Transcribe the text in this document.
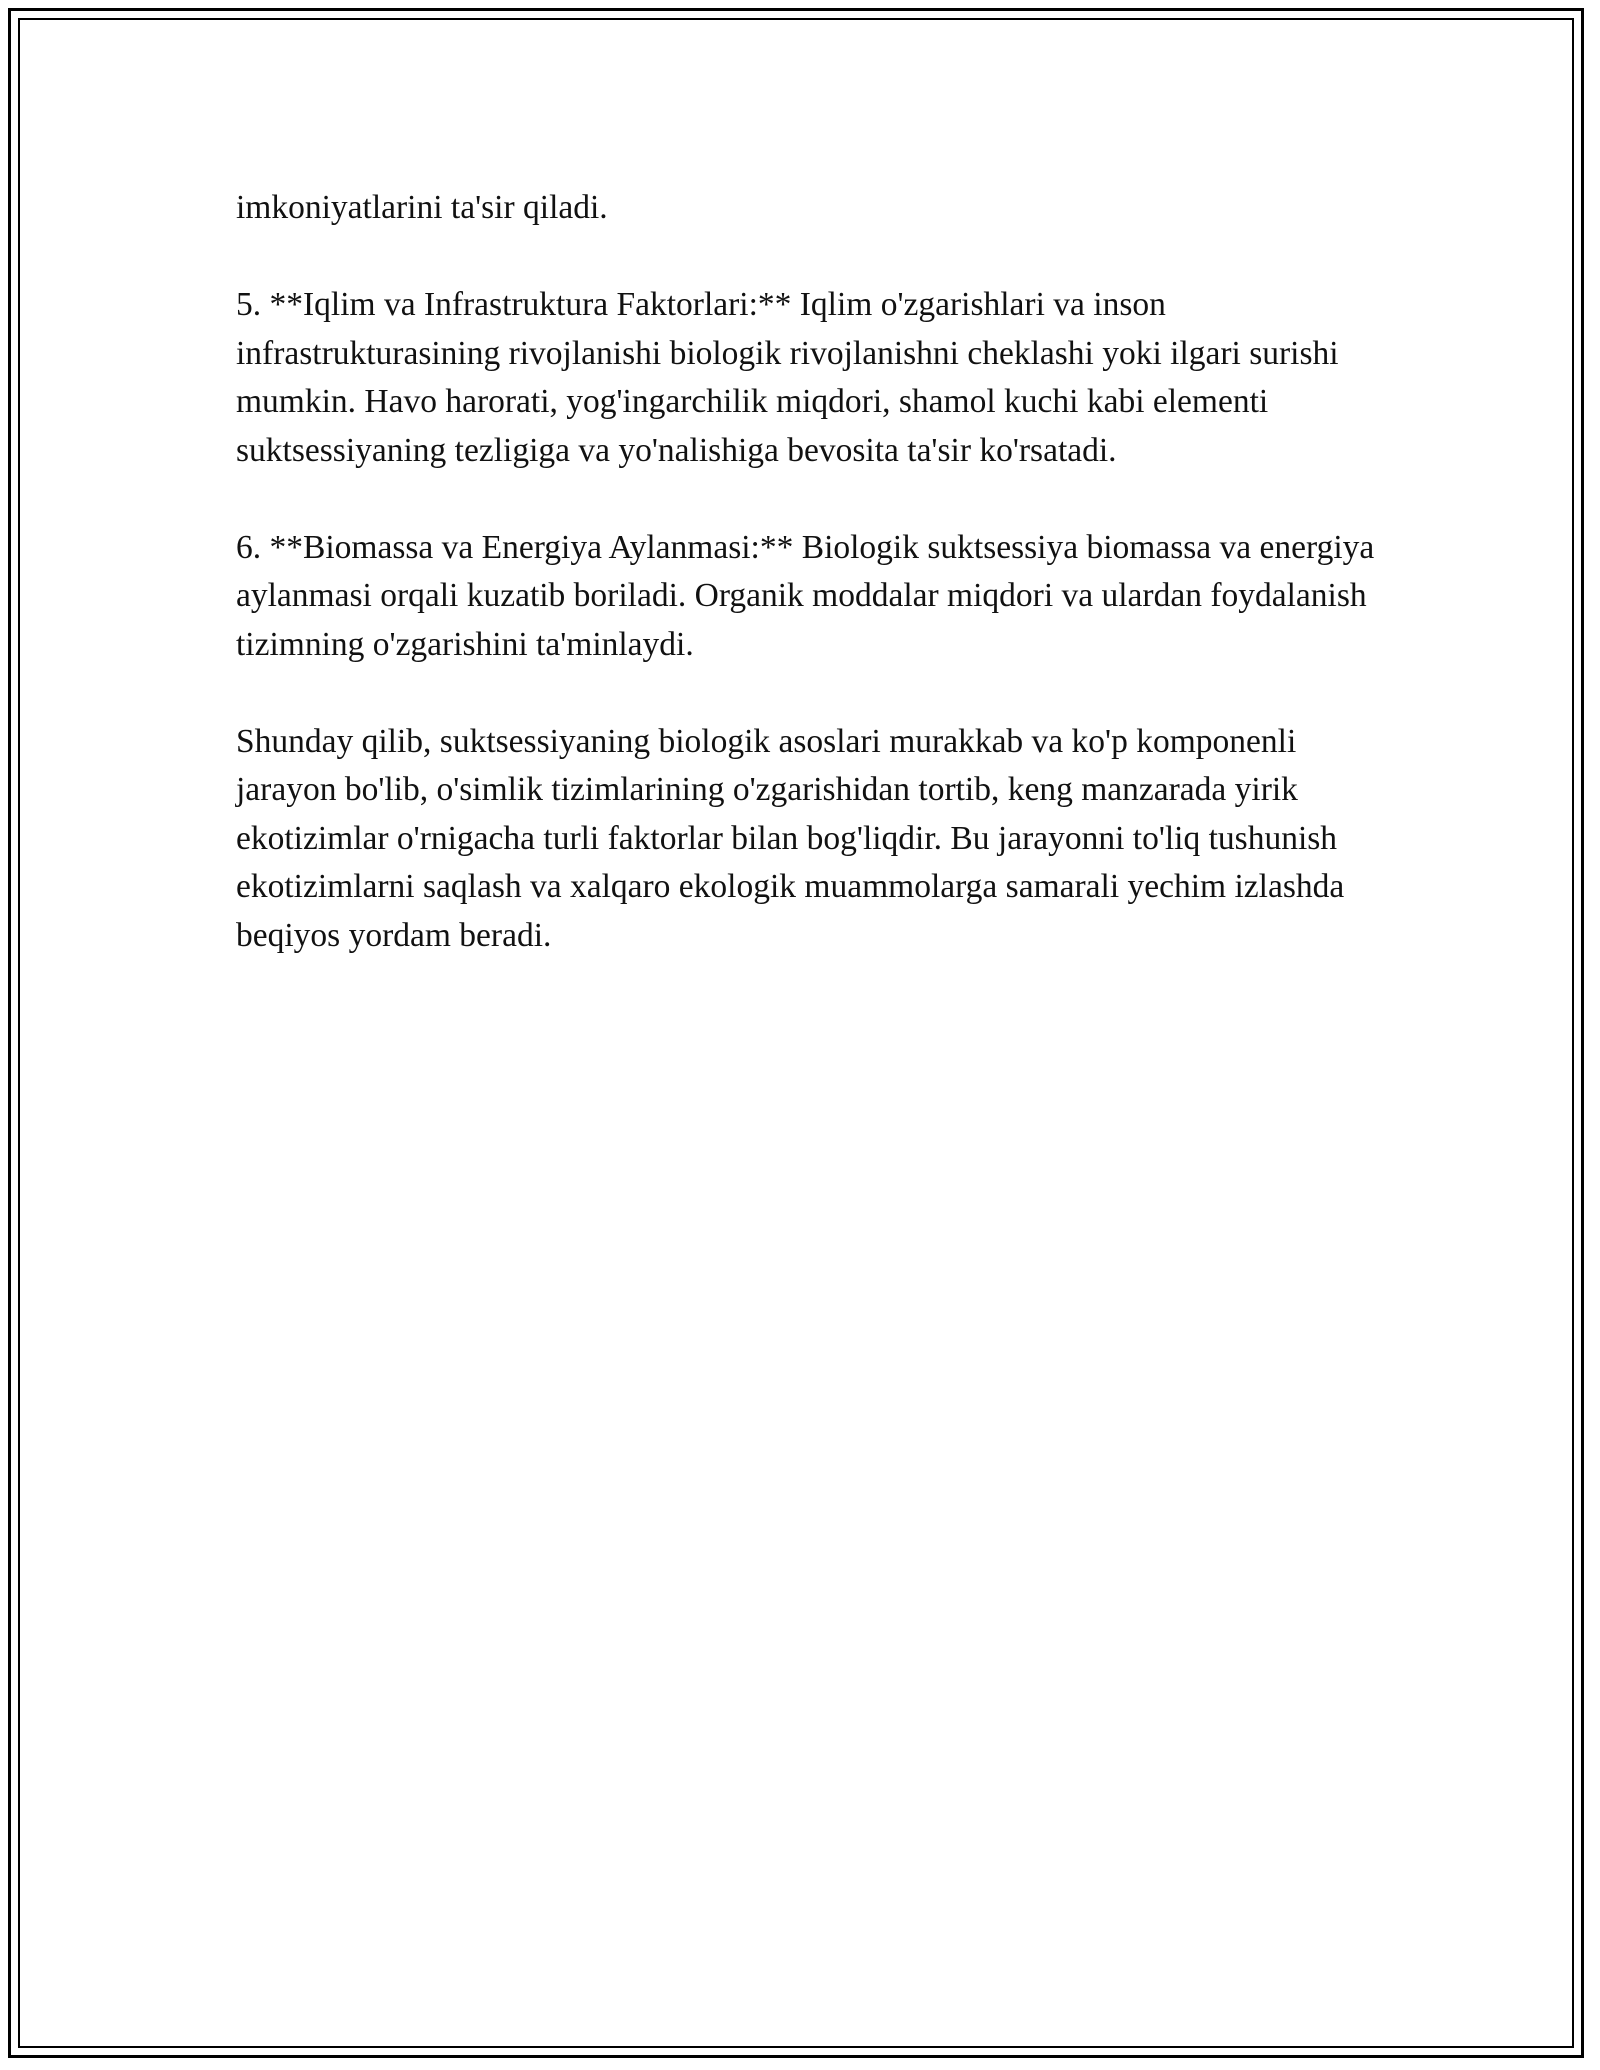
imkoniyatlarini ta'sir qiladi.

5. **Iqlim va Infrastruktura Faktorlari:** Iqlim o'zgarishlari va inson infrastrukturasining rivojlanishi biologik rivojlanishni cheklashi yoki ilgari surishi mumkin. Havo harorati, yog'ingarchilik miqdori, shamol kuchi kabi elementi suktsessiyaning tezligiga va yo'nalishiga bevosita ta'sir ko'rsatadi.

6. **Biomassa va Energiya Aylanmasi:** Biologik suktsessiya biomassa va energiya aylanmasi orqali kuzatib boriladi. Organik moddalar miqdori va ulardan foydalanish tizimning o'zgarishini ta'minlaydi.

Shunday qilib, suktsessiyaning biologik asoslari murakkab va ko'p komponenli jarayon bo'lib, o'simlik tizimlarining o'zgarishidan tortib, keng manzarada yirik ekotizimlar o'rnigacha turli faktorlar bilan bog'liqdir. Bu jarayonni to'liq tushunish ekotizimlarni saqlash va xalqaro ekologik muammolarga samarali yechim izlashda beqiyos yordam beradi.
